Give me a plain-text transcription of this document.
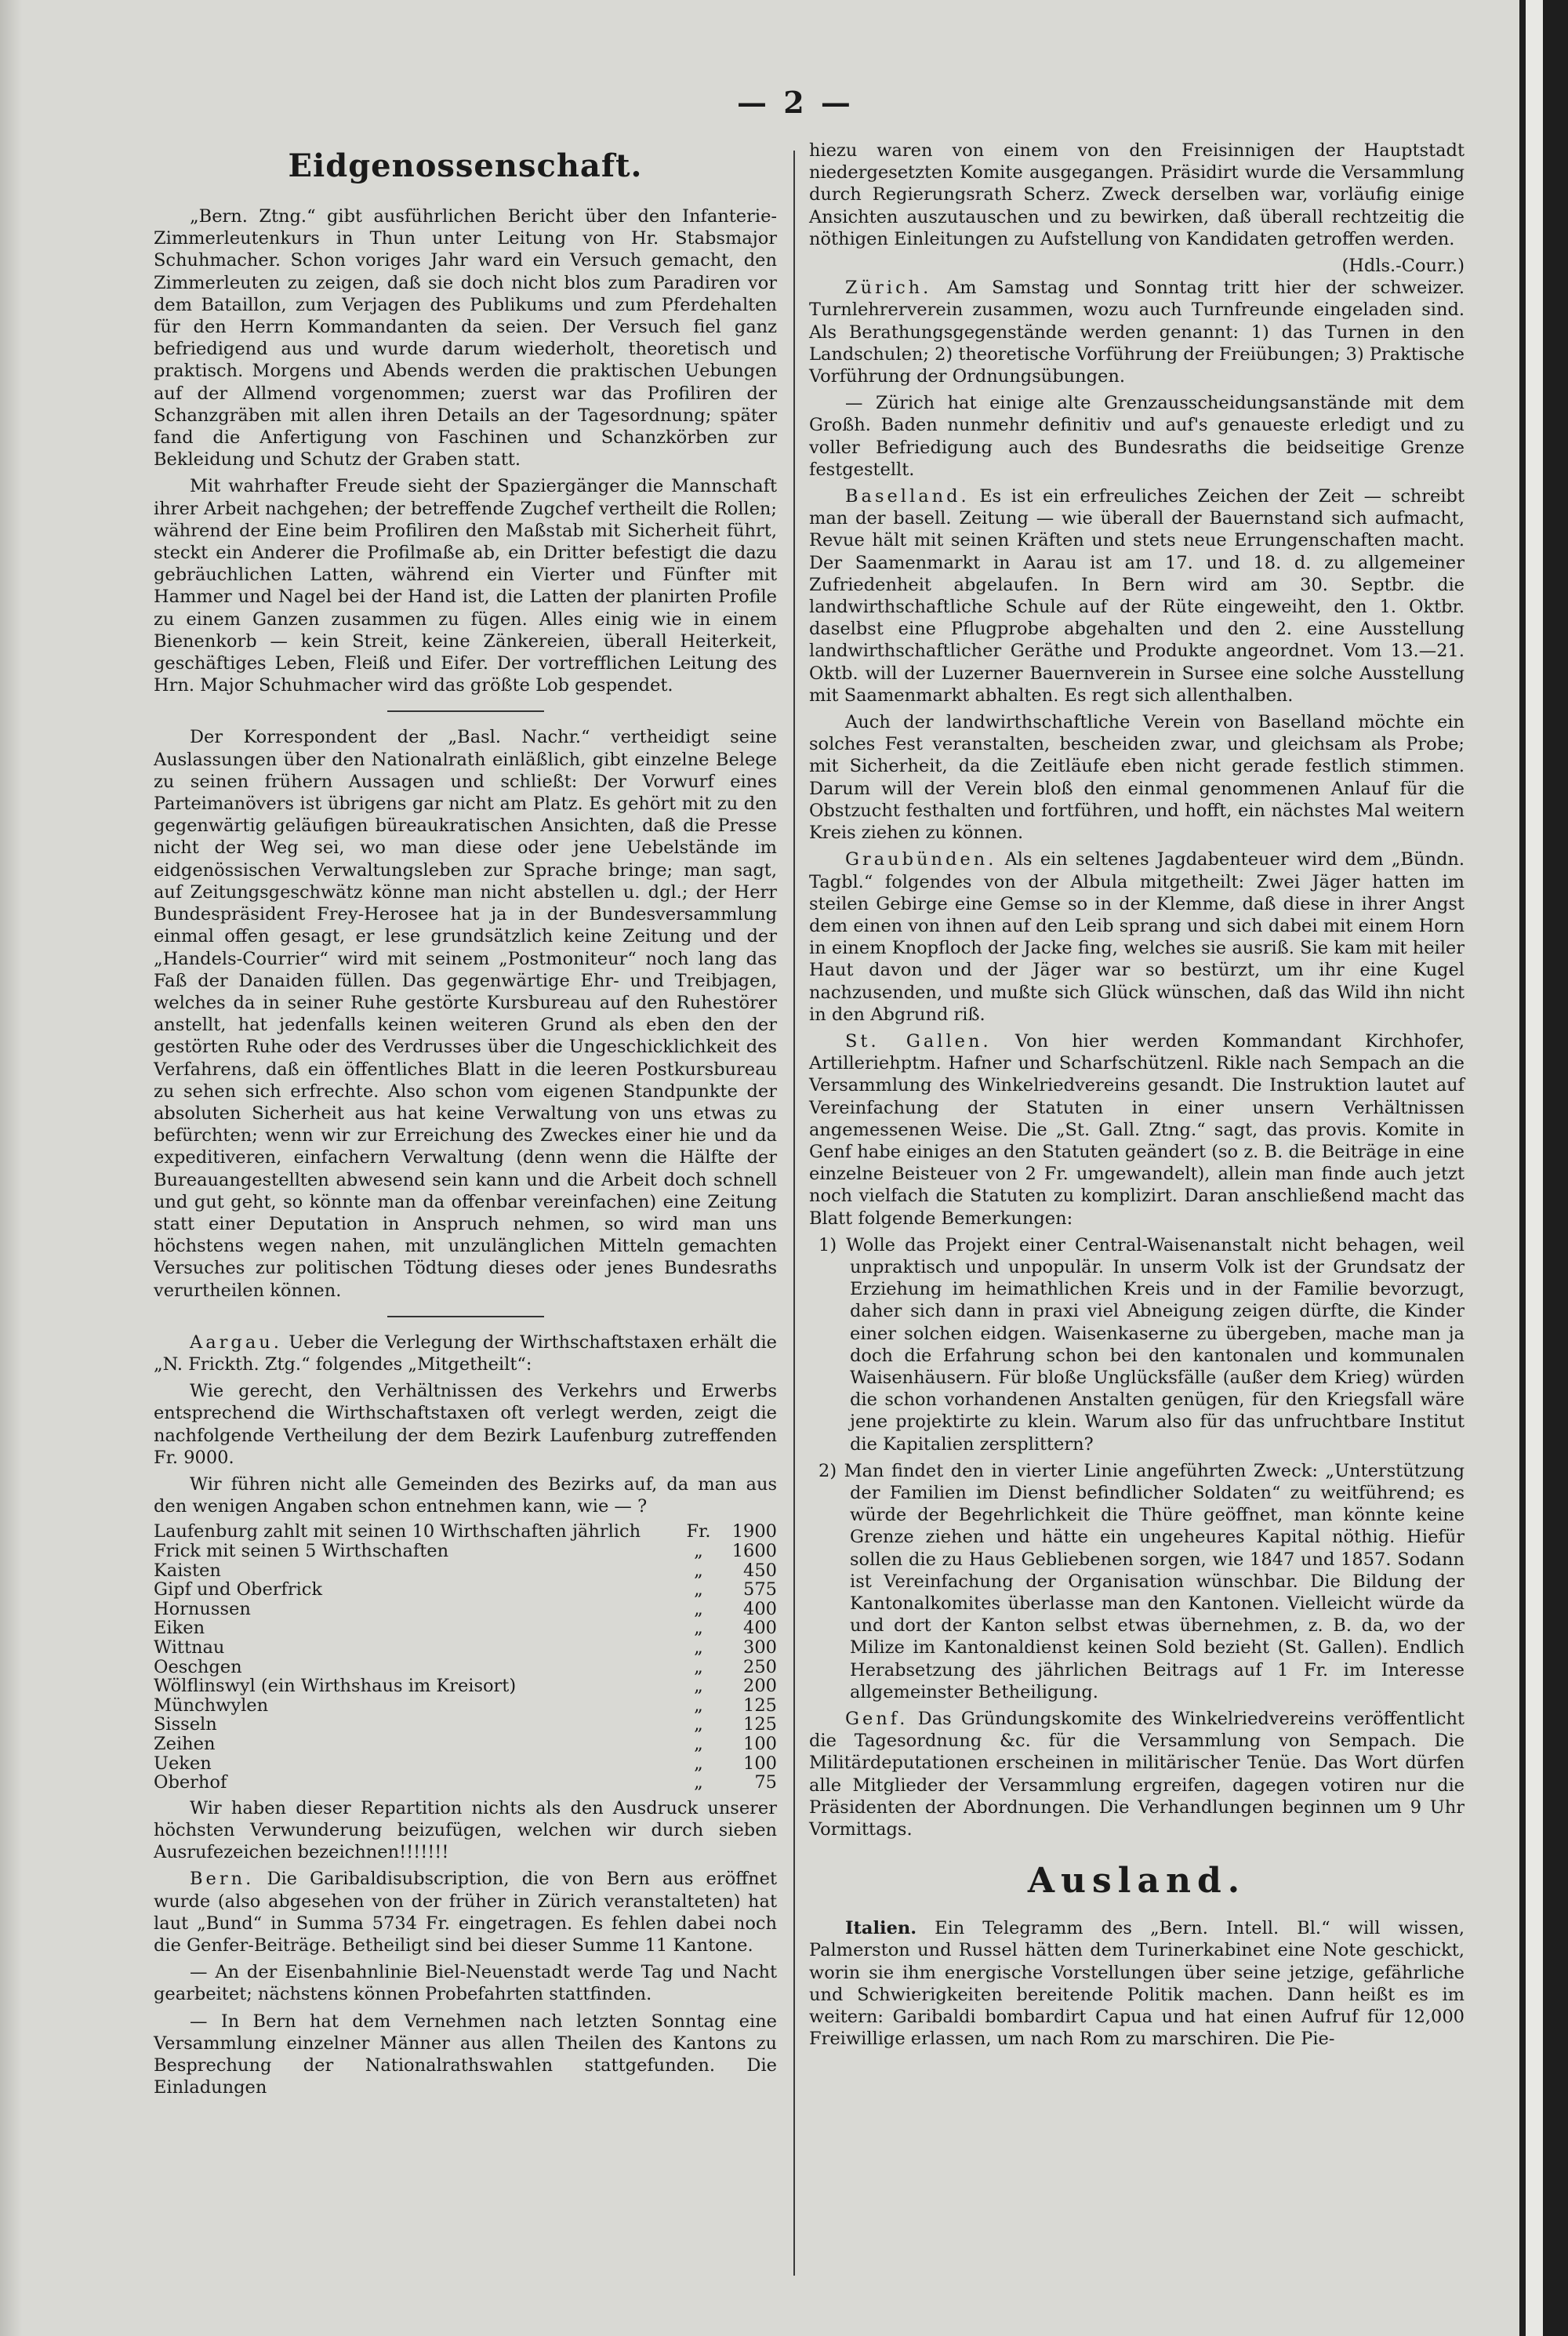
— 2 —
Eidgenossenschaft.

„Bern. Ztng.“ gibt ausführlichen Bericht über den Infanterie-Zimmerleutenkurs in Thun unter Leitung von Hr. Stabsmajor Schuhmacher. Schon voriges Jahr ward ein Versuch gemacht, den Zimmerleuten zu zeigen, daß sie doch nicht blos zum Paradiren vor dem Bataillon, zum Verjagen des Publikums und zum Pferdehalten für den Herrn Kommandanten da seien. Der Versuch fiel ganz befriedigend aus und wurde darum wiederholt, theoretisch und praktisch. Morgens und Abends werden die praktischen Uebungen auf der Allmend vorgenommen; zuerst war das Profiliren der Schanzgräben mit allen ihren Details an der Tagesordnung; später fand die Anfertigung von Faschinen und Schanzkörben zur Bekleidung und Schutz der Graben statt.

Mit wahrhafter Freude sieht der Spaziergänger die Mannschaft ihrer Arbeit nachgehen; der betreffende Zugchef vertheilt die Rollen; während der Eine beim Profiliren den Maßstab mit Sicherheit führt, steckt ein Anderer die Profilmaße ab, ein Dritter befestigt die dazu gebräuchlichen Latten, während ein Vierter und Fünfter mit Hammer und Nagel bei der Hand ist, die Latten der planirten Profile zu einem Ganzen zusammen zu fügen. Alles einig wie in einem Bienenkorb — kein Streit, keine Zänkereien, überall Heiterkeit, geschäftiges Leben, Fleiß und Eifer. Der vortrefflichen Leitung des Hrn. Major Schuhmacher wird das größte Lob gespendet.

Der Korrespondent der „Basl. Nachr.“ vertheidigt seine Auslassungen über den Nationalrath einläßlich, gibt einzelne Belege zu seinen frühern Aussagen und schließt: Der Vorwurf eines Parteimanövers ist übrigens gar nicht am Platz. Es gehört mit zu den gegenwärtig geläufigen büreaukratischen Ansichten, daß die Presse nicht der Weg sei, wo man diese oder jene Uebelstände im eidgenössischen Verwaltungsleben zur Sprache bringe; man sagt, auf Zeitungsgeschwätz könne man nicht abstellen u. dgl.; der Herr Bundespräsident Frey-Herosee hat ja in der Bundesversammlung einmal offen gesagt, er lese grundsätzlich keine Zeitung und der „Handels-Courrier“ wird mit seinem „Postmoniteur“ noch lang das Faß der Danaiden füllen. Das gegenwärtige Ehr- und Treibjagen, welches da in seiner Ruhe gestörte Kursbureau auf den Ruhestörer anstellt, hat jedenfalls keinen weiteren Grund als eben den der gestörten Ruhe oder des Verdrusses über die Ungeschicklichkeit des Verfahrens, daß ein öffentliches Blatt in die leeren Postkursbureau zu sehen sich erfrechte. Also schon vom eigenen Standpunkte der absoluten Sicherheit aus hat keine Verwaltung von uns etwas zu befürchten; wenn wir zur Erreichung des Zweckes einer hie und da expeditiveren, einfachern Verwaltung (denn wenn die Hälfte der Bureauangestellten abwesend sein kann und die Arbeit doch schnell und gut geht, so könnte man da offenbar vereinfachen) eine Zeitung statt einer Deputation in Anspruch nehmen, so wird man uns höchstens wegen nahen, mit unzulänglichen Mitteln gemachten Versuches zur politischen Tödtung dieses oder jenes Bundesraths verurtheilen können.

Aargau. Ueber die Verlegung der Wirthschaftstaxen erhält die „N. Frickth. Ztg.“ folgendes „Mitgetheilt“:

Wie gerecht, den Verhältnissen des Verkehrs und Erwerbs entsprechend die Wirthschaftstaxen oft verlegt werden, zeigt die nachfolgende Vertheilung der dem Bezirk Laufenburg zutreffenden Fr. 9000.

Wir führen nicht alle Gemeinden des Bezirks auf, da man aus den wenigen Angaben schon entnehmen kann, wie — ?

Laufenburg zahlt mit seinen 10 Wirthschaften jährlich	Fr.	1900
Frick mit seinen 5 Wirthschaften	„	1600
Kaisten	„	450
Gipf und Oberfrick	„	575
Hornussen	„	400
Eiken	„	400
Wittnau	„	300
Oeschgen	„	250
Wölflinswyl (ein Wirthshaus im Kreisort)	„	200
Münchwylen	„	125
Sisseln	„	125
Zeihen	„	100
Ueken	„	100
Oberhof	„	75

Wir haben dieser Repartition nichts als den Ausdruck unserer höchsten Verwunderung beizufügen, welchen wir durch sieben Ausrufezeichen bezeichnen!!!!!!!

Bern. Die Garibaldisubscription, die von Bern aus eröffnet wurde (also abgesehen von der früher in Zürich veranstalteten) hat laut „Bund“ in Summa 5734 Fr. eingetragen. Es fehlen dabei noch die Genfer-Beiträge. Betheiligt sind bei dieser Summe 11 Kantone.

— An der Eisenbahnlinie Biel-Neuenstadt werde Tag und Nacht gearbeitet; nächstens können Probefahrten stattfinden.

— In Bern hat dem Vernehmen nach letzten Sonntag eine Versammlung einzelner Männer aus allen Theilen des Kantons zu Besprechung der Nationalrathswahlen stattgefunden. Die Einladungen

hiezu waren von einem von den Freisinnigen der Hauptstadt niedergesetzten Komite ausgegangen. Präsidirt wurde die Versammlung durch Regierungsrath Scherz. Zweck derselben war, vorläufig einige Ansichten auszutauschen und zu bewirken, daß überall rechtzeitig die nöthigen Einleitungen zu Aufstellung von Kandidaten getroffen werden.

(Hdls.-Courr.)

Zürich. Am Samstag und Sonntag tritt hier der schweizer. Turnlehrerverein zusammen, wozu auch Turnfreunde eingeladen sind. Als Berathungsgegenstände werden genannt: 1) das Turnen in den Landschulen; 2) theoretische Vorführung der Freiübungen; 3) Praktische Vorführung der Ordnungsübungen.

— Zürich hat einige alte Grenzausscheidungsanstände mit dem Großh. Baden nunmehr definitiv und auf's genaueste erledigt und zu voller Befriedigung auch des Bundesraths die beidseitige Grenze festgestellt.

Baselland. Es ist ein erfreuliches Zeichen der Zeit — schreibt man der basell. Zeitung — wie überall der Bauernstand sich aufmacht, Revue hält mit seinen Kräften und stets neue Errungenschaften macht. Der Saamenmarkt in Aarau ist am 17. und 18. d. zu allgemeiner Zufriedenheit abgelaufen. In Bern wird am 30. Septbr. die landwirthschaftliche Schule auf der Rüte eingeweiht, den 1. Oktbr. daselbst eine Pflugprobe abgehalten und den 2. eine Ausstellung landwirthschaftlicher Geräthe und Produkte angeordnet. Vom 13.—21. Oktb. will der Luzerner Bauernverein in Sursee eine solche Ausstellung mit Saamenmarkt abhalten. Es regt sich allenthalben.

Auch der landwirthschaftliche Verein von Baselland möchte ein solches Fest veranstalten, bescheiden zwar, und gleichsam als Probe; mit Sicherheit, da die Zeitläufe eben nicht gerade festlich stimmen. Darum will der Verein bloß den einmal genommenen Anlauf für die Obstzucht festhalten und fortführen, und hofft, ein nächstes Mal weitern Kreis ziehen zu können.

Graubünden. Als ein seltenes Jagdabenteuer wird dem „Bündn. Tagbl.“ folgendes von der Albula mitgetheilt: Zwei Jäger hatten im steilen Gebirge eine Gemse so in der Klemme, daß diese in ihrer Angst dem einen von ihnen auf den Leib sprang und sich dabei mit einem Horn in einem Knopfloch der Jacke fing, welches sie ausriß. Sie kam mit heiler Haut davon und der Jäger war so bestürzt, um ihr eine Kugel nachzusenden, und mußte sich Glück wünschen, daß das Wild ihn nicht in den Abgrund riß.

St. Gallen. Von hier werden Kommandant Kirchhofer, Artilleriehptm. Hafner und Scharfschützenl. Rikle nach Sempach an die Versammlung des Winkelriedvereins gesandt. Die Instruktion lautet auf Vereinfachung der Statuten in einer unsern Verhältnissen angemessenen Weise. Die „St. Gall. Ztng.“ sagt, das provis. Komite in Genf habe einiges an den Statuten geändert (so z. B. die Beiträge in eine einzelne Beisteuer von 2 Fr. umgewandelt), allein man finde auch jetzt noch vielfach die Statuten zu komplizirt. Daran anschließend macht das Blatt folgende Bemerkungen:

1) Wolle das Projekt einer Central-Waisenanstalt nicht behagen, weil unpraktisch und unpopulär. In unserm Volk ist der Grundsatz der Erziehung im heimathlichen Kreis und in der Familie bevorzugt, daher sich dann in praxi viel Abneigung zeigen dürfte, die Kinder einer solchen eidgen. Waisenkaserne zu übergeben, mache man ja doch die Erfahrung schon bei den kantonalen und kommunalen Waisenhäusern. Für bloße Unglücksfälle (außer dem Krieg) würden die schon vorhandenen Anstalten genügen, für den Kriegsfall wäre jene projektirte zu klein. Warum also für das unfruchtbare Institut die Kapitalien zersplittern?

2) Man findet den in vierter Linie angeführten Zweck: „Unterstützung der Familien im Dienst befindlicher Soldaten“ zu weitführend; es würde der Begehrlichkeit die Thüre geöffnet, man könnte keine Grenze ziehen und hätte ein ungeheures Kapital nöthig. Hiefür sollen die zu Haus Gebliebenen sorgen, wie 1847 und 1857. Sodann ist Vereinfachung der Organisation wünschbar. Die Bildung der Kantonalkomites überlasse man den Kantonen. Vielleicht würde da und dort der Kanton selbst etwas übernehmen, z. B. da, wo der Milize im Kantonaldienst keinen Sold bezieht (St. Gallen). Endlich Herabsetzung des jährlichen Beitrags auf 1 Fr. im Interesse allgemeinster Betheiligung.

Genf. Das Gründungskomite des Winkelriedvereins veröffentlicht die Tagesordnung &c. für die Versammlung von Sempach. Die Militärdeputationen erscheinen in militärischer Tenüe. Das Wort dürfen alle Mitglieder der Versammlung ergreifen, dagegen votiren nur die Präsidenten der Abordnungen. Die Verhandlungen beginnen um 9 Uhr Vormittags.

Ausland.

Italien. Ein Telegramm des „Bern. Intell. Bl.“ will wissen, Palmerston und Russel hätten dem Turinerkabinet eine Note geschickt, worin sie ihm energische Vorstellungen über seine jetzige, gefährliche und Schwierigkeiten bereitende Politik machen. Dann heißt es im weitern: Garibaldi bombardirt Capua und hat einen Aufruf für 12,000 Freiwillige erlassen, um nach Rom zu marschiren. Die Pie-
